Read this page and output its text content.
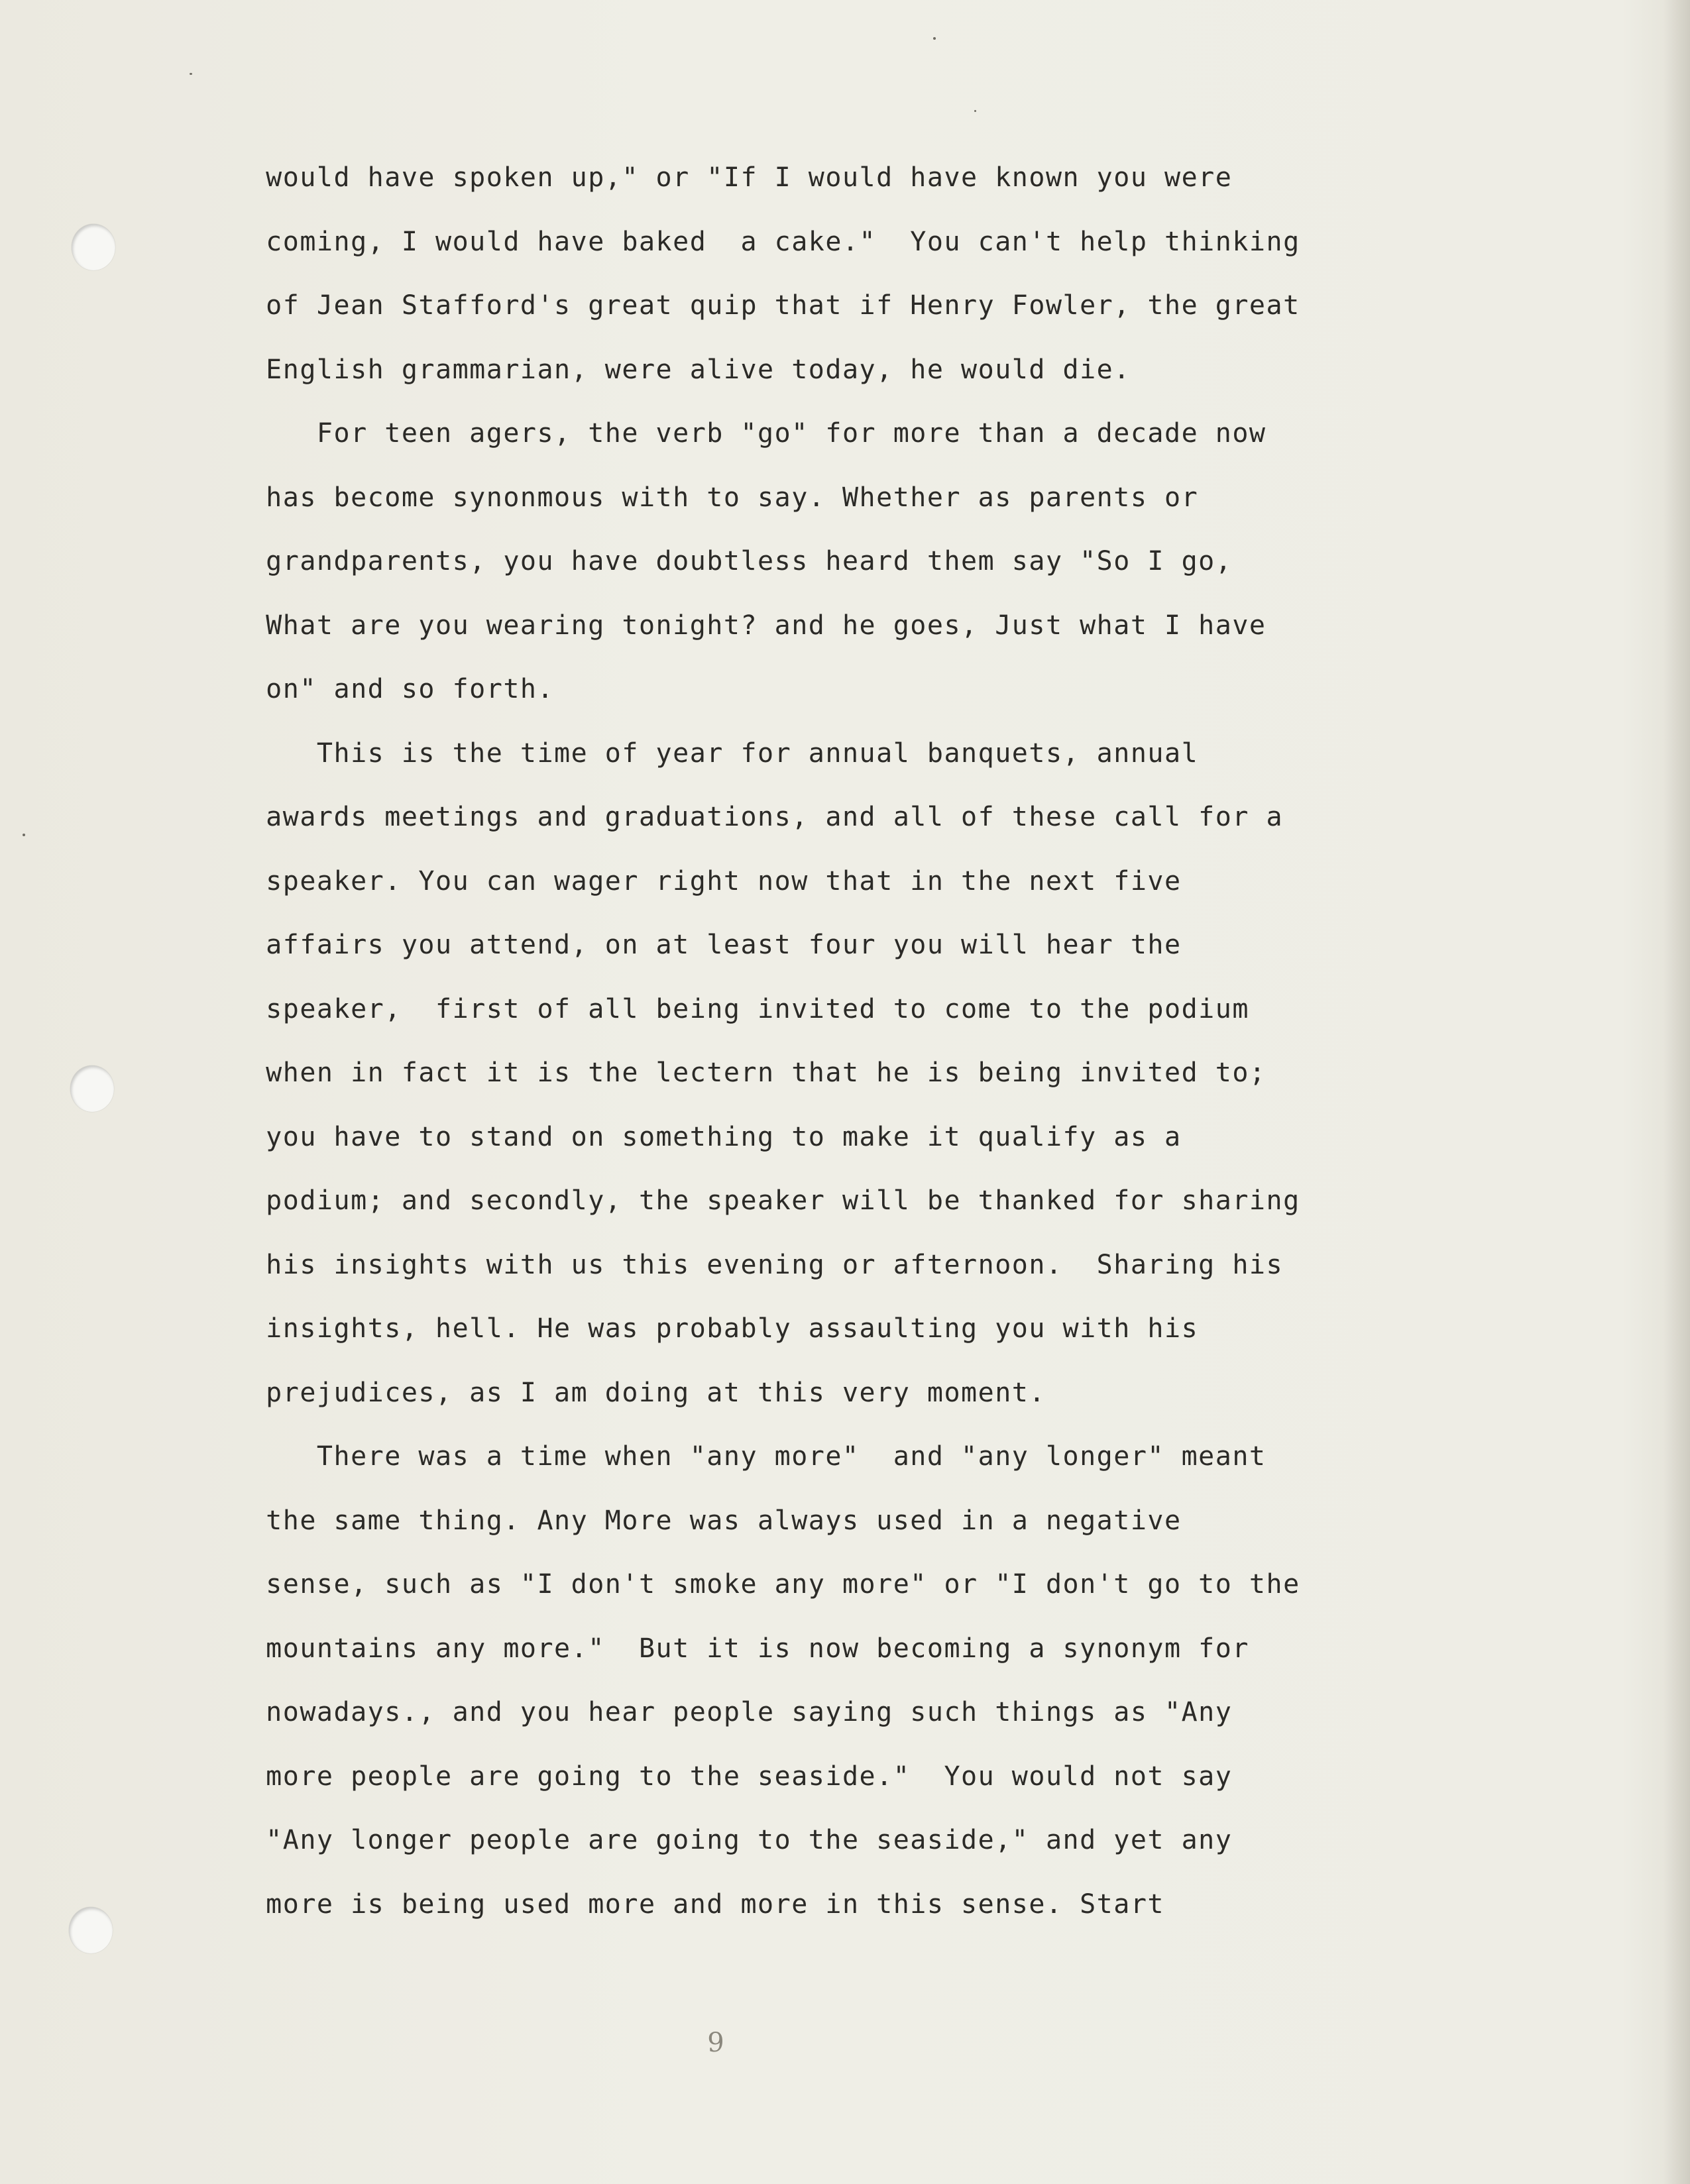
would have spoken up," or "If I would have known you were
coming, I would have baked  a cake."  You can't help thinking
of Jean Stafford's great quip that if Henry Fowler, the great
English grammarian, were alive today, he would die.
For teen agers, the verb "go" for more than a decade now
has become synonmous with to say. Whether as parents or
grandparents, you have doubtless heard them say "So I go,
What are you wearing tonight? and he goes, Just what I have
on" and so forth.
This is the time of year for annual banquets, annual
awards meetings and graduations, and all of these call for a
speaker. You can wager right now that in the next five
affairs you attend, on at least four you will hear the
speaker,  first of all being invited to come to the podium
when in fact it is the lectern that he is being invited to;
you have to stand on something to make it qualify as a
podium; and secondly, the speaker will be thanked for sharing
his insights with us this evening or afternoon.  Sharing his
insights, hell. He was probably assaulting you with his
prejudices, as I am doing at this very moment.
There was a time when "any more"  and "any longer" meant
the same thing. Any More was always used in a negative
sense, such as "I don't smoke any more" or "I don't go to the
mountains any more."  But it is now becoming a synonym for
nowadays., and you hear people saying such things as "Any
more people are going to the seaside."  You would not say
"Any longer people are going to the seaside," and yet any
more is being used more and more in this sense. Start
9
